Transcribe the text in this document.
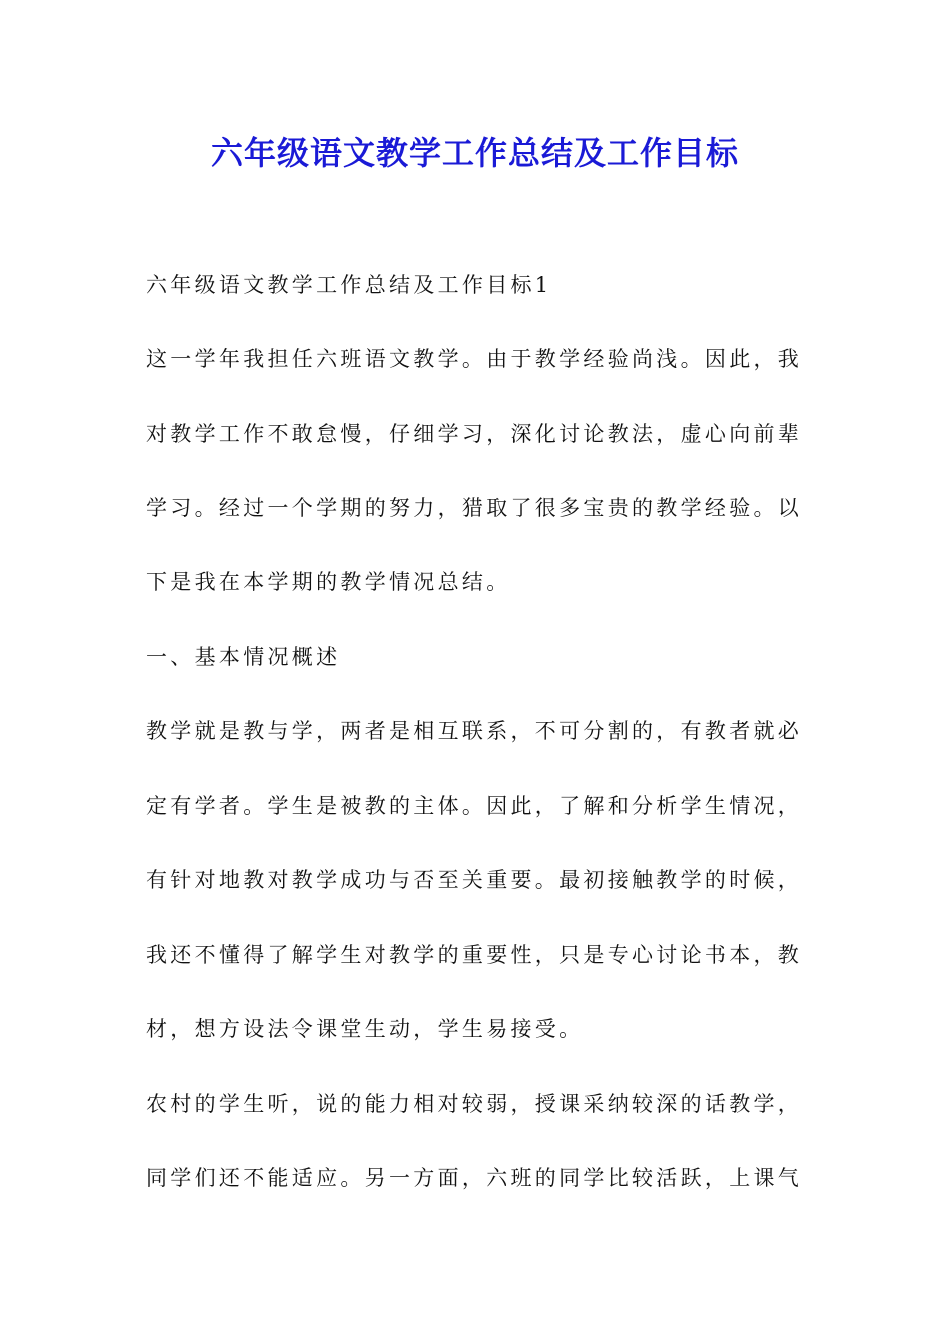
六年级语文教学工作总结及工作目标

六年级语文教学工作总结及工作目标1

这一学年我担任六班语文教学。由于教学经验尚浅。因此，我

对教学工作不敢怠慢，仔细学习，深化讨论教法，虚心向前辈

学习。经过一个学期的努力，猎取了很多宝贵的教学经验。以

下是我在本学期的教学情况总结。

一、基本情况概述

教学就是教与学，两者是相互联系，不可分割的，有教者就必

定有学者。学生是被教的主体。因此，了解和分析学生情况，

有针对地教对教学成功与否至关重要。最初接触教学的时候，

我还不懂得了解学生对教学的重要性，只是专心讨论书本，教

材，想方设法令课堂生动，学生易接受。

农村的学生听，说的能力相对较弱，授课采纳较深的话教学，

同学们还不能适应。另一方面，六班的同学比较活跃，上课气
